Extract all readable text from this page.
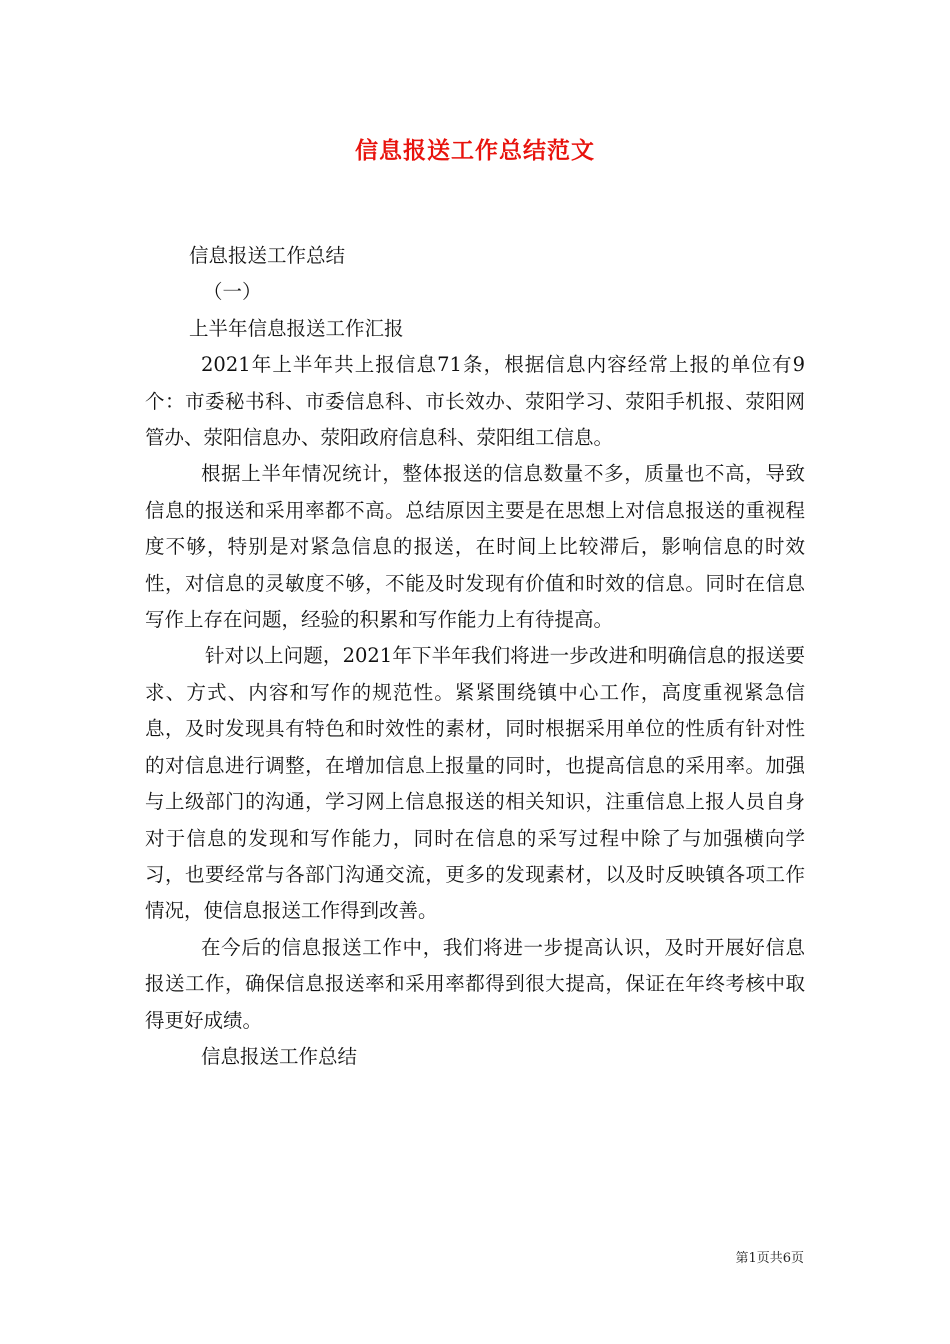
信息报送工作总结范文
信息报送工作总结
（一）
上半年信息报送工作汇报
2021年上半年共上报信息71条，根据信息内容经常上报的单位有9个：市委秘书科、市委信息科、市长效办、荥阳学习、荥阳手机报、荥阳网管办、荥阳信息办、荥阳政府信息科、荥阳组工信息。
根据上半年情况统计，整体报送的信息数量不多，质量也不高，导致信息的报送和采用率都不高。总结原因主要是在思想上对信息报送的重视程度不够，特别是对紧急信息的报送，在时间上比较滞后，影响信息的时效性，对信息的灵敏度不够，不能及时发现有价值和时效的信息。同时在信息写作上存在问题，经验的积累和写作能力上有待提高。
针对以上问题，2021年下半年我们将进一步改进和明确信息的报送要求、方式、内容和写作的规范性。紧紧围绕镇中心工作，高度重视紧急信息，及时发现具有特色和时效性的素材，同时根据采用单位的性质有针对性的对信息进行调整，在增加信息上报量的同时，也提高信息的采用率。加强与上级部门的沟通，学习网上信息报送的相关知识，注重信息上报人员自身对于信息的发现和写作能力，同时在信息的采写过程中除了与加强横向学习，也要经常与各部门沟通交流，更多的发现素材，以及时反映镇各项工作情况，使信息报送工作得到改善。
在今后的信息报送工作中，我们将进一步提高认识，及时开展好信息报送工作，确保信息报送率和采用率都得到很大提高，保证在年终考核中取得更好成绩。
信息报送工作总结
第1页共6页
